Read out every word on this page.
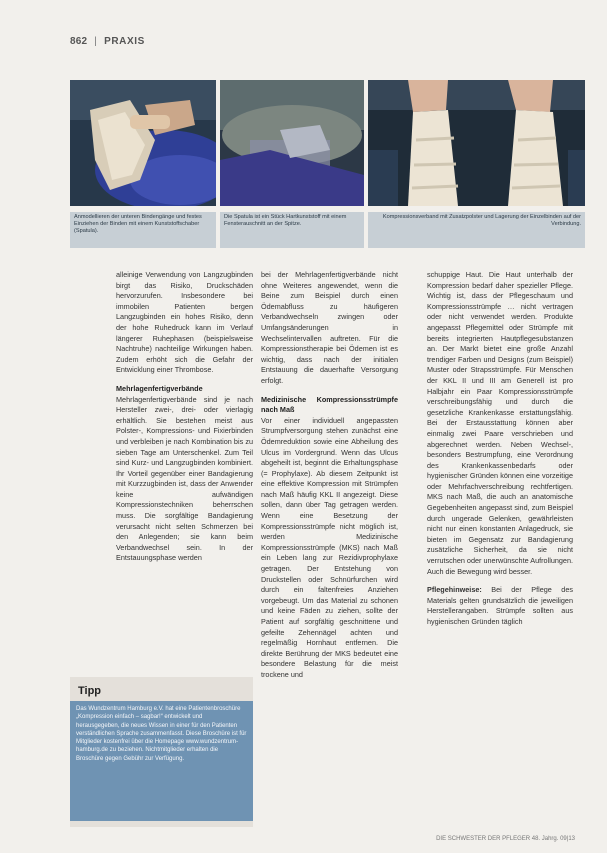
862 | PRAXIS
Anmodellieren der unteren Bindengänge und festes Einziehen der Binden mit einem Kunststoffschaber (Spatula).
Die Spatula ist ein Stück Hartkunststoff mit einem Fensterauschnitt an der Spitze.
Kompressionsverband mit Zusatzpolster und Lagerung der Einzelbinden auf der Verbindung.

alleinige Verwendung von Langzugbinden birgt das Risiko, Druckschäden hervorzurufen. Insbesondere bei immobilen Patienten bergen Langzugbinden ein hohes Risiko, denn der hohe Ruhedruck kann im Verlauf längerer Ruhephasen (beispielsweise Nachtruhe) nachteilige Wirkungen haben. Zudem erhöht sich die Gefahr der Entwicklung einer Thrombose.

Mehrlagenfertigverbände

Mehrlagenfertigverbände sind je nach Hersteller zwei-, drei- oder vierlagig erhältlich. Sie bestehen meist aus Polster-, Kompressions- und Fixierbinden und verbleiben je nach Kombination bis zu sieben Tage am Unterschenkel. Zum Teil sind Kurz- und Langzugbinden kombiniert. Ihr Vorteil gegenüber einer Bandagierung mit Kurzzugbinden ist, dass der Anwender keine aufwändigen Kompressionstechniken beherrschen muss. Die sorgfältige Bandagierung verursacht nicht selten Schmerzen bei den Anlegenden; sie kann beim Verbandwechsel sein. In der Entstauungsphase werden

bei der Mehrlagenfertigverbände nicht ohne Weiteres angewendet, wenn die Beine zum Beispiel durch einen Ödemabfluss zu häufigeren Verbandwechseln zwingen oder Umfangsänderungen in Wechselintervallen auftreten. Für die Kompressionstherapie bei Ödemen ist es wichtig, dass nach der initialen Entstauung die dauerhafte Versorgung erfolgt.

Medizinische Kompressionsstrümpfe nach Maß

Vor einer individuell angepassten Strumpfversorgung stehen zunächst eine Ödemreduktion sowie eine Abheilung des Ulcus im Vordergrund. Wenn das Ulcus abgeheilt ist, beginnt die Erhaltungsphase (= Prophylaxe). Ab diesem Zeitpunkt ist eine effektive Kompression mit Strümpfen nach Maß häufig KKL II angezeigt. Diese sollen, dann über Tag getragen werden. Wenn eine Besetzung der Kompressionsstrümpfe nicht möglich ist, werden Medizinische Kompressionsstrümpfe (MKS) nach Maß ein Leben lang zur Rezidivprophylaxe getragen. Der Entstehung von Druckstellen oder Schnürfurchen wird durch ein faltenfreies Anziehen vorgebeugt. Um das Material zu schonen und keine Fäden zu ziehen, sollte der Patient auf sorgfältig geschnittene und gefeilte Zehennägel achten und regelmäßig Hornhaut entfernen. Die direkte Berührung der MKS bedeutet eine besondere Belastung für die meist trockene und

schuppige Haut. Die Haut unterhalb der Kompression bedarf daher spezieller Pflege. Wichtig ist, dass der Pflegeschaum und Kompressionsstrümpfe … nicht vertragen oder nicht verwendet werden. Produkte angepasst Pflegemittel oder Strümpfe mit bereits integrierten Hautpflegesubstanzen an. Der Markt bietet eine große Anzahl trendiger Farben und Designs (zum Beispiel) Muster oder Strapsstrümpfe. Für Menschen der KKL II und III am Generell ist pro Halbjahr ein Paar Kompressionsstrümpfe verschreibungsfähig und durch die gesetzliche Krankenkasse erstattungsfähig. Bei der Erstausstattung können aber einmalig zwei Paare verschrieben und abgerechnet werden. Neben Wechsel-, besonders Bestrumpfung, eine Verordnung des Krankenkassenbedarfs oder hygienischer Gründen können eine vorzeitige oder Mehrfachverschreibung rechtfertigen. MKS nach Maß, die auch an anatomische Gegebenheiten angepasst sind, zum Beispiel durch ungerade Gelenken, gewährleisten nicht nur einen konstanten Anlagedruck, sie bieten im Gegensatz zur Bandagierung zusätzliche Sicherheit, da sie nicht verrutschen oder unerwünschte Aufrollungen. Auch die Bewegung wird besser.

Pflegehinweise: Bei der Pflege des Materials gelten grundsätzlich die jeweiligen Herstellerangaben. Strümpfe sollten aus hygienischen Gründen täglich

Tipp
Das Wundzentrum Hamburg e.V. hat eine Patientenbroschüre „Kompression einfach – sagbar!“ entwickelt und herausgegeben, die neues Wissen in einer für den Patienten verständlichen Sprache zusammenfasst. Diese Broschüre ist für Mitglieder kostenfrei über die Homepage www.wundzentrum-hamburg.de zu beziehen. Nichtmitglieder erhalten die Broschüre gegen Gebühr zur Verfügung.
DIE SCHWESTER DER PFLEGER 48. Jahrg. 09|13
